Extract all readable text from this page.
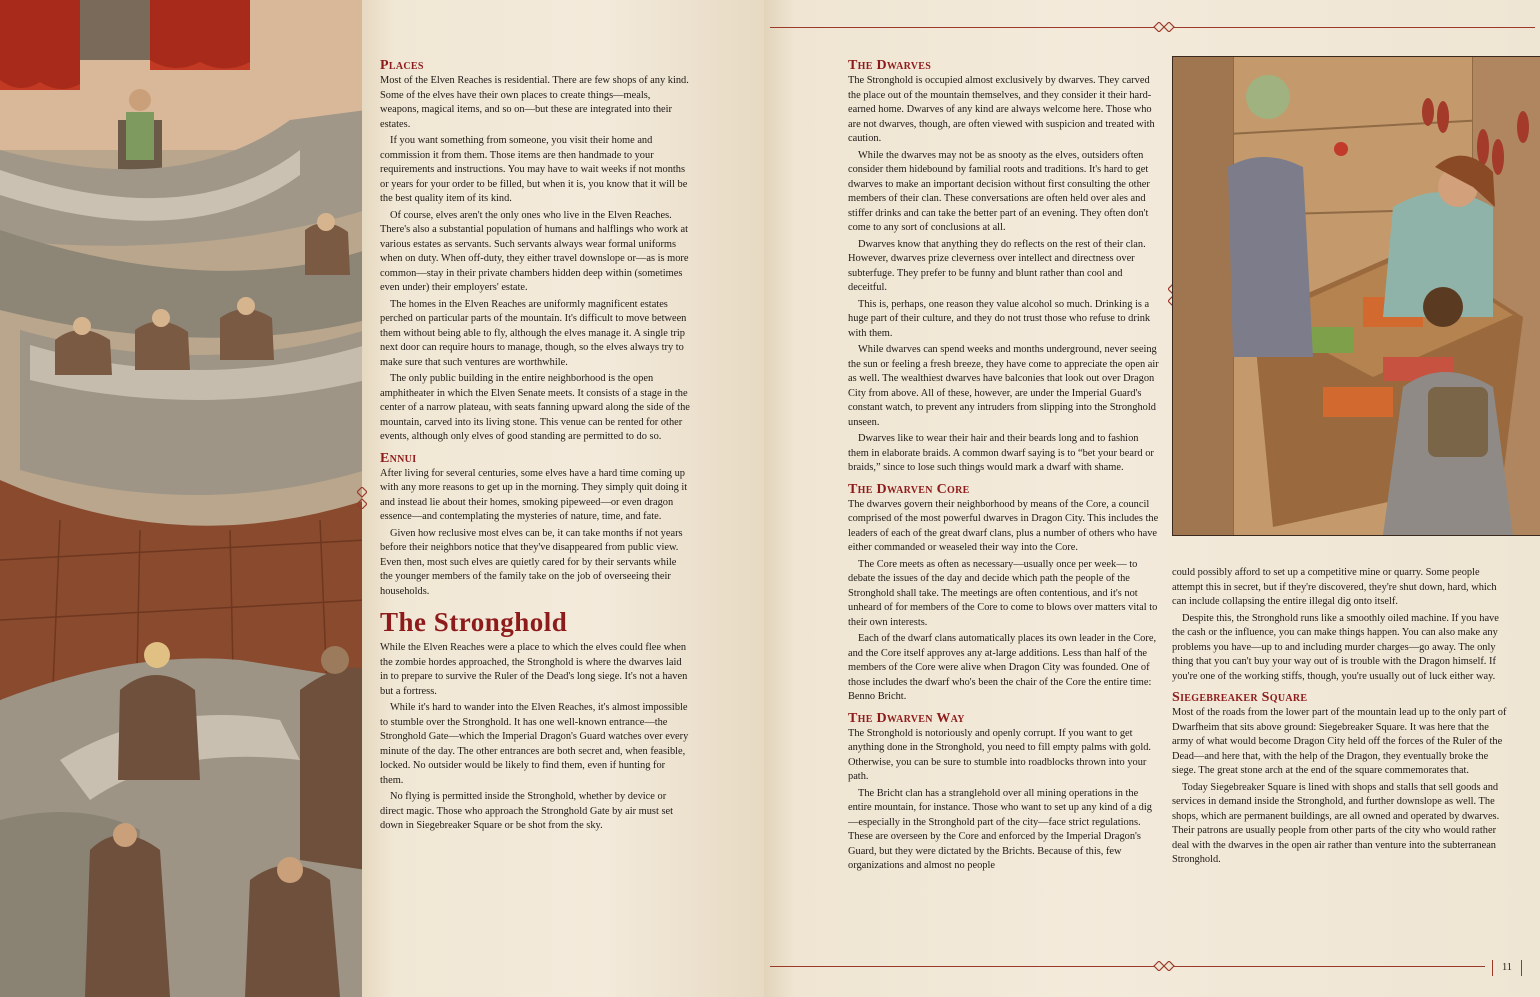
Places

Most of the Elven Reaches is residential. There are few shops of any kind. Some of the elves have their own places to create things—meals, weapons, magical items, and so on—but these are integrated into their estates.

If you want something from someone, you visit their home and commission it from them. Those items are then handmade to your requirements and instructions. You may have to wait weeks if not months or years for your order to be filled, but when it is, you know that it will be the best quality item of its kind.

Of course, elves aren't the only ones who live in the Elven Reaches. There's also a substantial population of humans and halflings who work at various estates as servants. Such servants always wear formal uniforms when on duty. When off-duty, they either travel downslope or—as is more common—stay in their private chambers hidden deep within (sometimes even under) their employers' estate.

The homes in the Elven Reaches are uniformly magnificent estates perched on particular parts of the mountain. It's difficult to move between them without being able to fly, although the elves manage it. A single trip next door can require hours to manage, though, so the elves always try to make sure that such ventures are worthwhile.

The only public building in the entire neighborhood is the open amphitheater in which the Elven Senate meets. It consists of a stage in the center of a narrow plateau, with seats fanning upward along the side of the mountain, carved into its living stone. This venue can be rented for other events, although only elves of good standing are permitted to do so.

Ennui

After living for several centuries, some elves have a hard time coming up with any more reasons to get up in the morning. They simply quit doing it and instead lie about their homes, smoking pipeweed—or even dragon essence—and contemplating the mysteries of nature, time, and fate.

Given how reclusive most elves can be, it can take months if not years before their neighbors notice that they've disappeared from public view. Even then, most such elves are quietly cared for by their servants while the younger members of the family take on the job of overseeing their households.

The Stronghold

While the Elven Reaches were a place to which the elves could flee when the zombie hordes approached, the Stronghold is where the dwarves laid in to prepare to survive the Ruler of the Dead's long siege. It's not a haven but a fortress.

While it's hard to wander into the Elven Reaches, it's almost impossible to stumble over the Stronghold. It has one well-known entrance—the Stronghold Gate—which the Imperial Dragon's Guard watches over every minute of the day. The other entrances are both secret and, when feasible, locked. No outsider would be likely to find them, even if hunting for them.

No flying is permitted inside the Stronghold, whether by device or direct magic. Those who approach the Stronghold Gate by air must set down in Siegebreaker Square or be shot from the sky.

The Dwarves

The Stronghold is occupied almost exclusively by dwarves. They carved the place out of the mountain themselves, and they consider it their hard-earned home. Dwarves of any kind are always welcome here. Those who are not dwarves, though, are often viewed with suspicion and treated with caution.

While the dwarves may not be as snooty as the elves, outsiders often consider them hidebound by familial roots and traditions. It's hard to get dwarves to make an important decision without first consulting the other members of their clan. These conversations are often held over ales and stiffer drinks and can take the better part of an evening. They often don't come to any sort of conclusions at all.

Dwarves know that anything they do reflects on the rest of their clan. However, dwarves prize cleverness over intellect and directness over subterfuge. They prefer to be funny and blunt rather than cool and deceitful.

This is, perhaps, one reason they value alcohol so much. Drinking is a huge part of their culture, and they do not trust those who refuse to drink with them.

While dwarves can spend weeks and months underground, never seeing the sun or feeling a fresh breeze, they have come to appreciate the open air as well. The wealthiest dwarves have balconies that look out over Dragon City from above. All of these, however, are under the Imperial Guard's constant watch, to prevent any intruders from slipping into the Stronghold unseen.

Dwarves like to wear their hair and their beards long and to fashion them in elaborate braids. A common dwarf saying is to “bet your beard or braids,” since to lose such things would mark a dwarf with shame.

The Dwarven Core

The dwarves govern their neighborhood by means of the Core, a council comprised of the most powerful dwarves in Dragon City. This includes the leaders of each of the great dwarf clans, plus a number of others who have either commanded or weaseled their way into the Core.

The Core meets as often as necessary—usually once per week— to debate the issues of the day and decide which path the people of the Stronghold shall take. The meetings are often contentious, and it's not unheard of for members of the Core to come to blows over matters vital to their own interests.

Each of the dwarf clans automatically places its own leader in the Core, and the Core itself approves any at-large additions. Less than half of the members of the Core were alive when Dragon City was founded. One of those includes the dwarf who's been the chair of the Core the entire time: Benno Bricht.

The Dwarven Way

The Stronghold is notoriously and openly corrupt. If you want to get anything done in the Stronghold, you need to fill empty palms with gold. Otherwise, you can be sure to stumble into roadblocks thrown into your path.

The Bricht clan has a stranglehold over all mining operations in the entire mountain, for instance. Those who want to set up any kind of a dig—especially in the Stronghold part of the city—face strict regulations. These are overseen by the Core and enforced by the Imperial Dragon's Guard, but they were dictated by the Brichts. Because of this, few organizations and almost no people

could possibly afford to set up a competitive mine or quarry. Some people attempt this in secret, but if they're discovered, they're shut down, hard, which can include collapsing the entire illegal dig onto itself.

Despite this, the Stronghold runs like a smoothly oiled machine. If you have the cash or the influence, you can make things happen. You can also make any problems you have—up to and including murder charges—go away. The only thing that you can't buy your way out of is trouble with the Dragon himself. If you're one of the working stiffs, though, you're usually out of luck either way.

Siegebreaker Square

Most of the roads from the lower part of the mountain lead up to the only part of Dwarfheim that sits above ground: Siegebreaker Square. It was here that the army of what would become Dragon City held off the forces of the Ruler of the Dead—and here that, with the help of the Dragon, they eventually broke the siege. The great stone arch at the end of the square commemorates that.

Today Siegebreaker Square is lined with shops and stalls that sell goods and services in demand inside the Stronghold, and further downslope as well. The shops, which are permanent buildings, are all owned and operated by dwarves. Their patrons are usually people from other parts of the city who would rather deal with the dwarves in the open air rather than venture into the subterranean Stronghold.

11
